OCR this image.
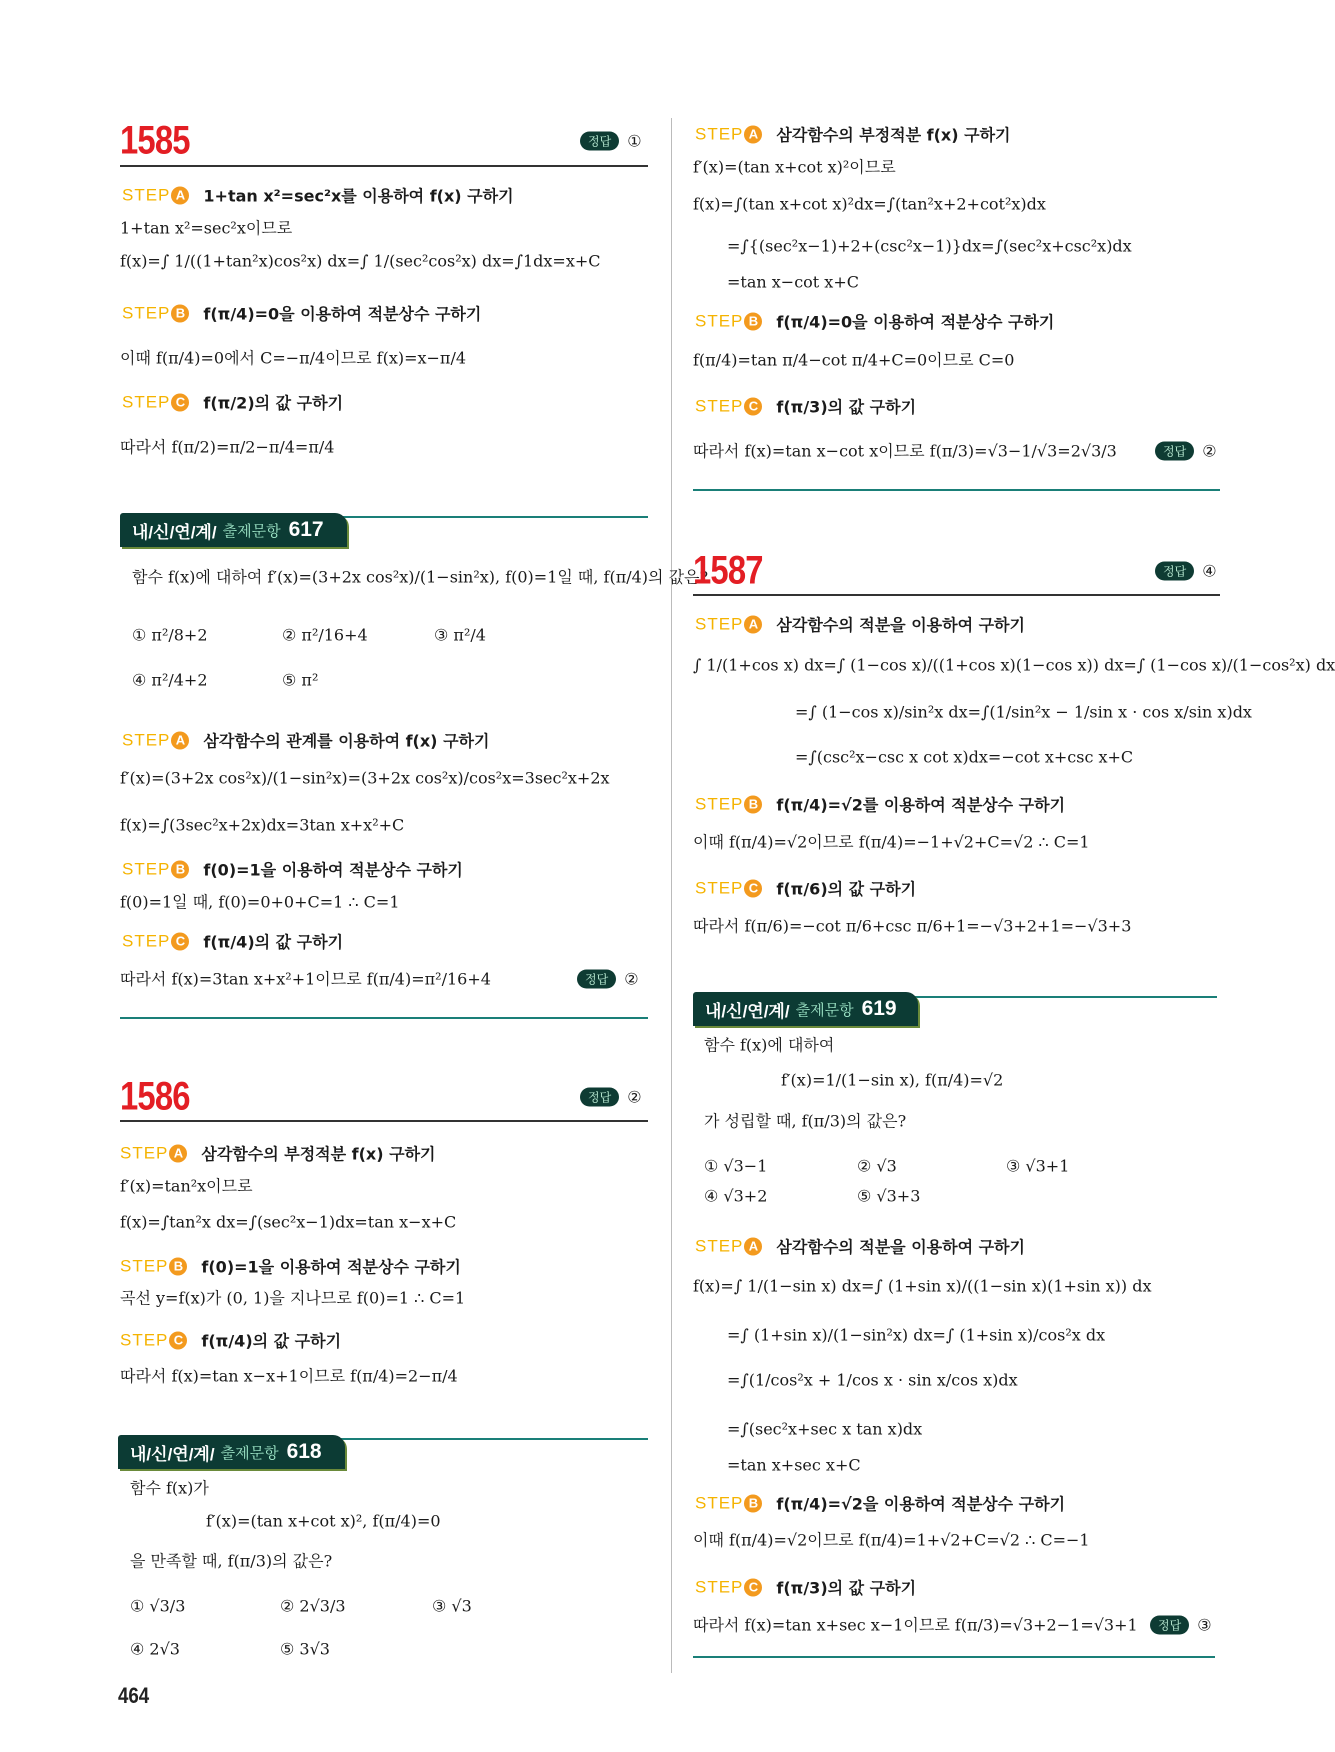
1585	정답	①
STEP A 1+tan x²=sec²x를 이용하여 f(x) 구하기
1+tan x²=sec²x이므로
f(x)=∫ 1/((1+tan²x)cos²x) dx=∫ 1/(sec²cos²x) dx=∫1dx=x+C
STEP B f(π/4)=0을 이용하여 적분상수 구하기
이때 f(π/4)=0에서 C=−π/4이므로 f(x)=x−π/4
STEP C f(π/2)의 값 구하기
따라서 f(π/2)=π/2−π/4=π/4
내/신/연/계/ 출제문항 617
함수 f(x)에 대하여 f′(x)=(3+2x cos²x)/(1−sin²x), f(0)=1일 때, f(π/4)의 값은?
① π²/8+2	② π²/16+4	③ π²/4
④ π²/4+2	⑤ π²
STEP A 삼각함수의 관계를 이용하여 f(x) 구하기
f′(x)=(3+2x cos²x)/(1−sin²x)=(3+2x cos²x)/cos²x=3sec²x+2x
f(x)=∫(3sec²x+2x)dx=3tan x+x²+C
STEP B f(0)=1을 이용하여 적분상수 구하기
f(0)=1일 때, f(0)=0+0+C=1 ∴ C=1
STEP C f(π/4)의 값 구하기
따라서 f(x)=3tan x+x²+1이므로 f(π/4)=π²/16+4	정답	②
1586	정답	②
STEP A 삼각함수의 부정적분 f(x) 구하기
f′(x)=tan²x이므로
f(x)=∫tan²x dx=∫(sec²x−1)dx=tan x−x+C
STEP B f(0)=1을 이용하여 적분상수 구하기
곡선 y=f(x)가 (0, 1)을 지나므로 f(0)=1 ∴ C=1
STEP C f(π/4)의 값 구하기
따라서 f(x)=tan x−x+1이므로 f(π/4)=2−π/4
내/신/연/계/ 출제문항 618
함수 f(x)가
f′(x)=(tan x+cot x)², f(π/4)=0
을 만족할 때, f(π/3)의 값은?
① √3/3	② 2√3/3	③ √3
④ 2√3	⑤ 3√3
464
STEP A 삼각함수의 부정적분 f(x) 구하기
f′(x)=(tan x+cot x)²이므로
f(x)=∫(tan x+cot x)²dx=∫(tan²x+2+cot²x)dx
=∫{(sec²x−1)+2+(csc²x−1)}dx=∫(sec²x+csc²x)dx
=tan x−cot x+C
STEP B f(π/4)=0을 이용하여 적분상수 구하기
f(π/4)=tan π/4−cot π/4+C=0이므로 C=0
STEP C f(π/3)의 값 구하기
따라서 f(x)=tan x−cot x이므로 f(π/3)=√3−1/√3=2√3/3	정답	②
1587	정답	④
STEP A 삼각함수의 적분을 이용하여 구하기
∫ 1/(1+cos x) dx=∫ (1−cos x)/((1+cos x)(1−cos x)) dx=∫ (1−cos x)/(1−cos²x) dx
=∫ (1−cos x)/sin²x dx=∫(1/sin²x − 1/sin x · cos x/sin x)dx
=∫(csc²x−csc x cot x)dx=−cot x+csc x+C
STEP B f(π/4)=√2를 이용하여 적분상수 구하기
이때 f(π/4)=√2이므로 f(π/4)=−1+√2+C=√2 ∴ C=1
STEP C f(π/6)의 값 구하기
따라서 f(π/6)=−cot π/6+csc π/6+1=−√3+2+1=−√3+3
내/신/연/계/ 출제문항 619
함수 f(x)에 대하여
f′(x)=1/(1−sin x), f(π/4)=√2
가 성립할 때, f(π/3)의 값은?
① √3−1	② √3	③ √3+1
④ √3+2	⑤ √3+3
STEP A 삼각함수의 적분을 이용하여 구하기
f(x)=∫ 1/(1−sin x) dx=∫ (1+sin x)/((1−sin x)(1+sin x)) dx
=∫ (1+sin x)/(1−sin²x) dx=∫ (1+sin x)/cos²x dx
=∫(1/cos²x + 1/cos x · sin x/cos x)dx
=∫(sec²x+sec x tan x)dx
=tan x+sec x+C
STEP B f(π/4)=√2을 이용하여 적분상수 구하기
이때 f(π/4)=√2이므로 f(π/4)=1+√2+C=√2 ∴ C=−1
STEP C f(π/3)의 값 구하기
따라서 f(x)=tan x+sec x−1이므로 f(π/3)=√3+2−1=√3+1	정답	③
